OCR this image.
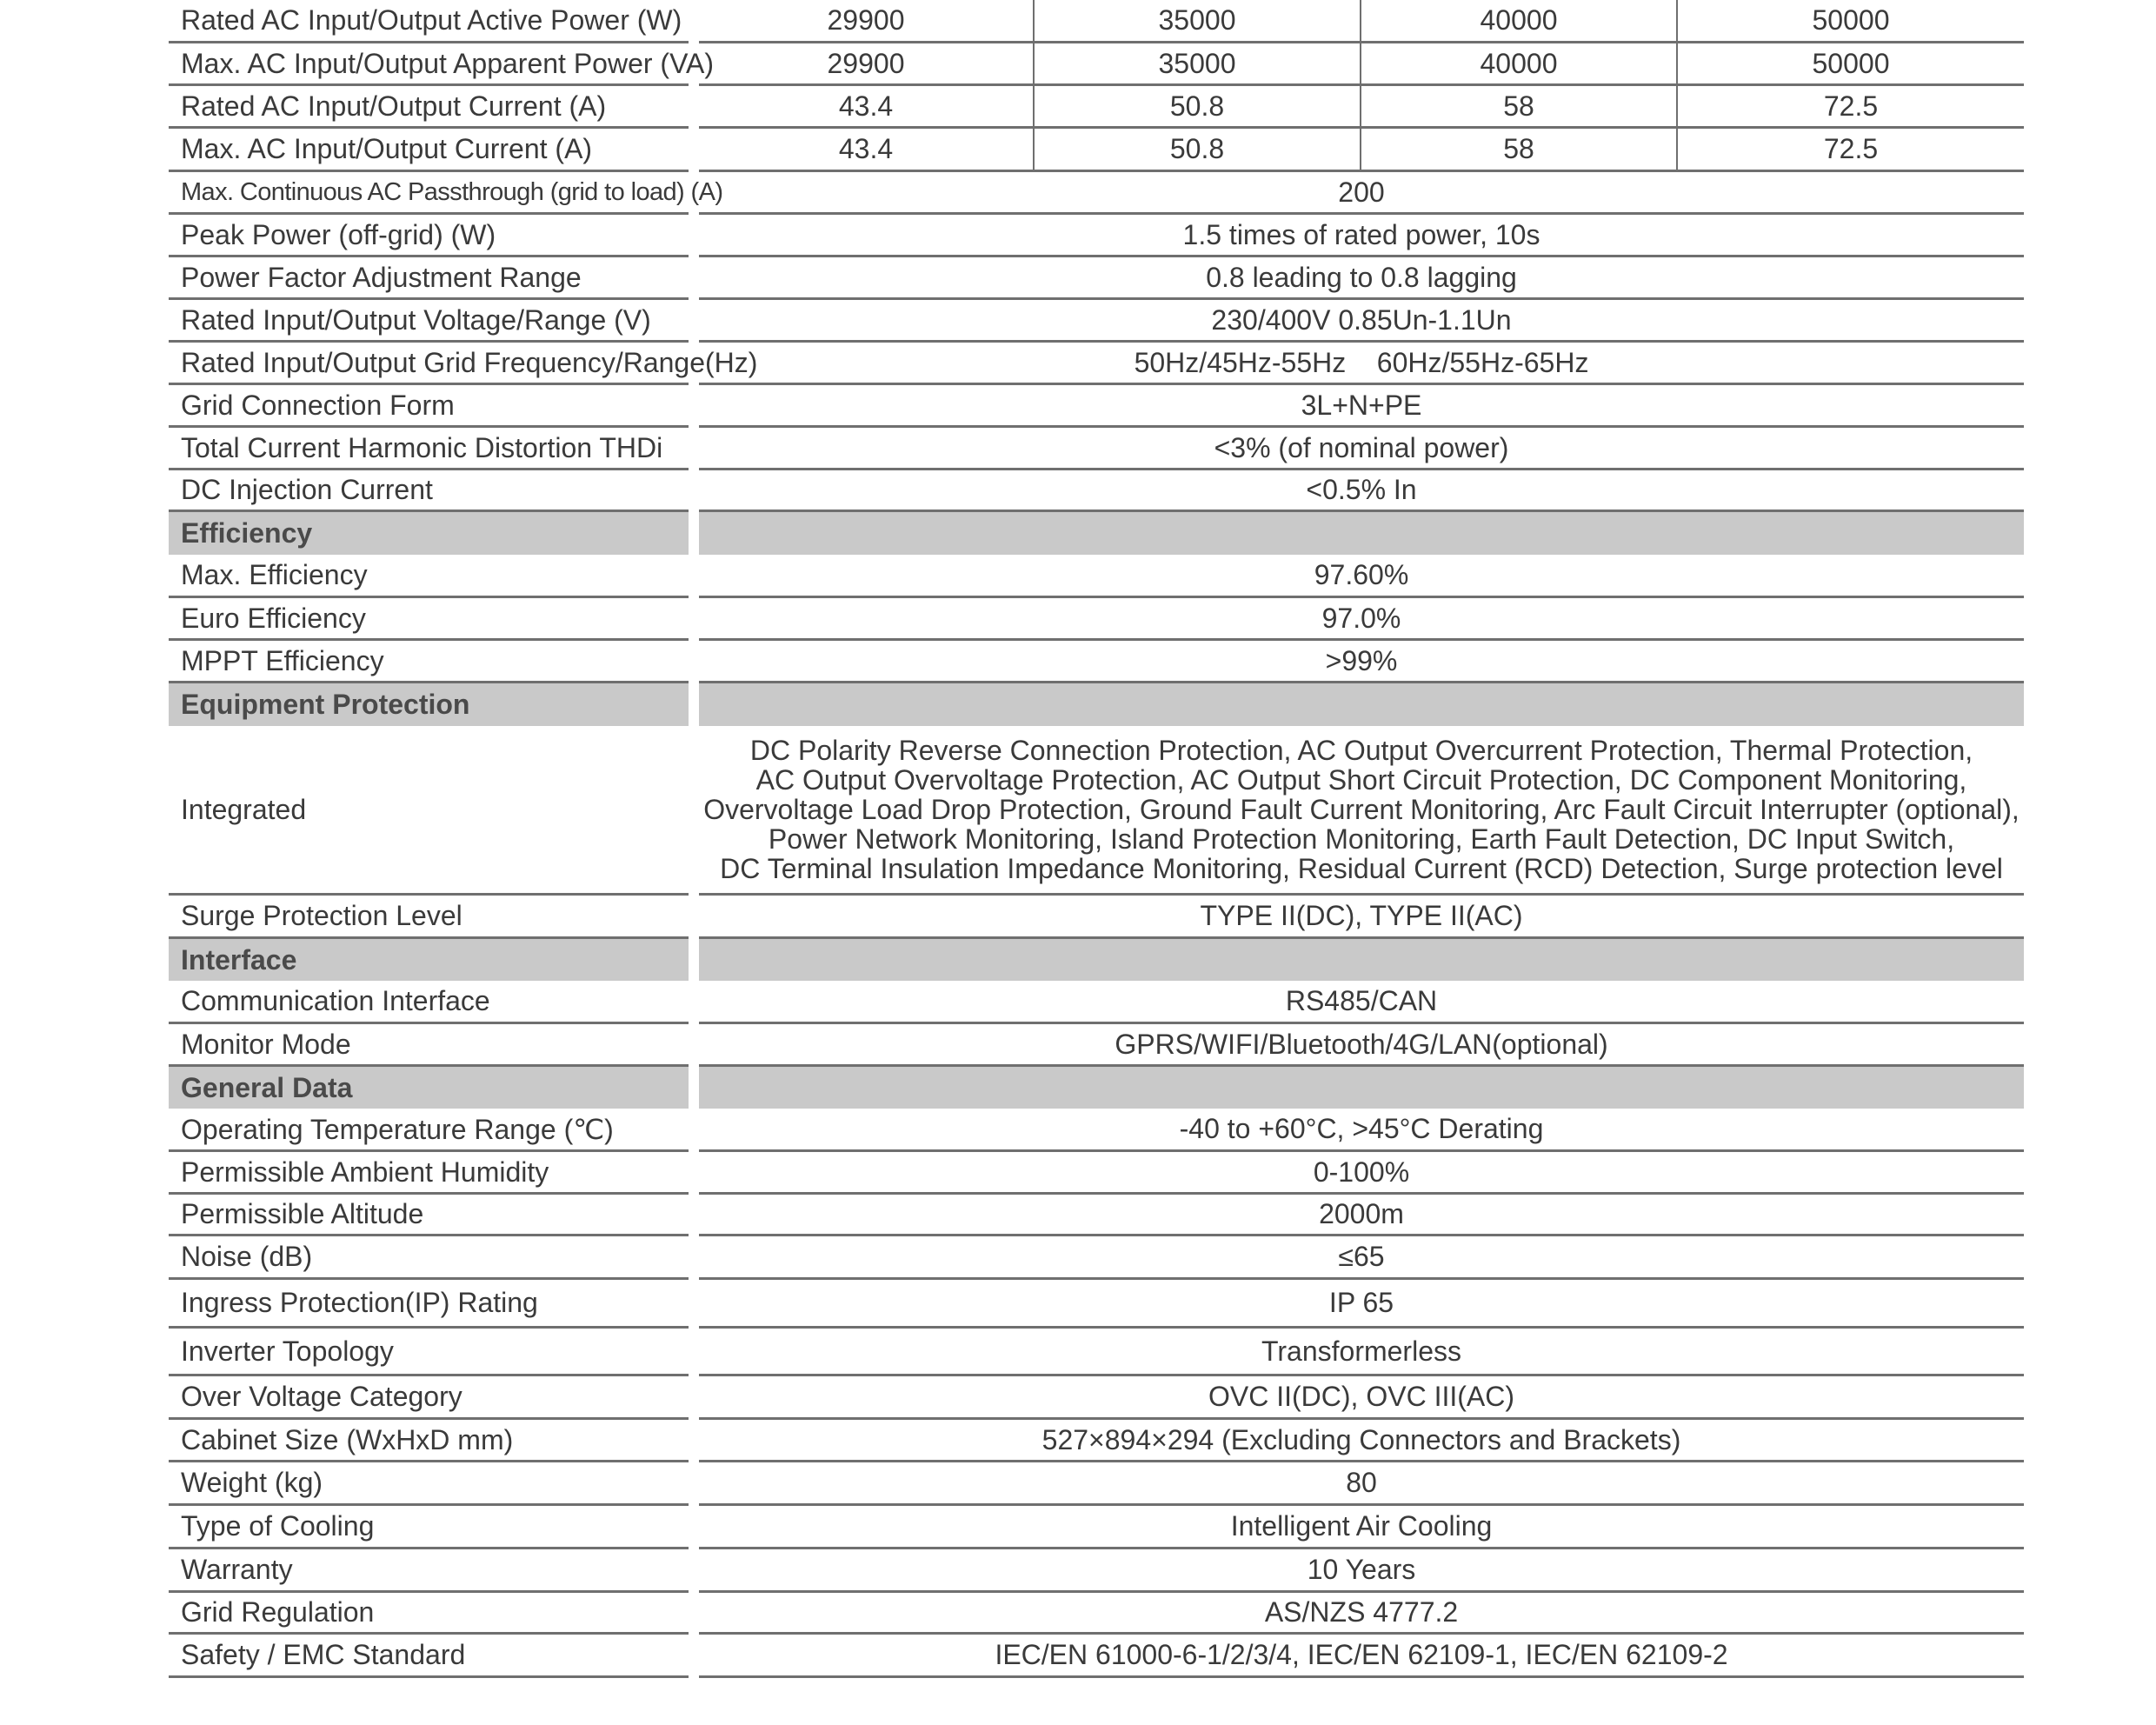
Rated AC Input/Output Active Power (W)	29900	35000	40000	50000
Max. AC Input/Output Apparent Power (VA)	29900	35000	40000	50000
Rated AC Input/Output Current (A)	43.4	50.8	58	72.5
Max. AC Input/Output Current (A)	43.4	50.8	58	72.5
Max. Continuous AC Passthrough (grid to load) (A)	200
Peak Power (off-grid) (W)	1.5 times of rated power, 10s
Power Factor Adjustment Range	0.8 leading to 0.8 lagging
Rated Input/Output Voltage/Range (V)	230/400V 0.85Un-1.1Un
Rated Input/Output Grid Frequency/Range(Hz)	50Hz/45Hz-55Hz    60Hz/55Hz-65Hz
Grid Connection Form	3L+N+PE
Total Current Harmonic Distortion THDi	<3% (of nominal power)
DC Injection Current	<0.5% In
Efficiency
Max. Efficiency	97.60%
Euro Efficiency	97.0%
MPPT Efficiency	>99%
Equipment Protection
Integrated
DC Polarity Reverse Connection Protection, AC Output Overcurrent Protection, Thermal Protection,
AC Output Overvoltage Protection, AC Output Short Circuit Protection, DC Component Monitoring,
Overvoltage Load Drop Protection, Ground Fault Current Monitoring, Arc Fault Circuit Interrupter (optional),
Power Network Monitoring, Island Protection Monitoring, Earth Fault Detection, DC Input Switch,
DC Terminal Insulation Impedance Monitoring, Residual Current (RCD) Detection, Surge protection level
Surge Protection Level	TYPE II(DC), TYPE II(AC)
Interface
Communication Interface	RS485/CAN
Monitor Mode	GPRS/WIFI/Bluetooth/4G/LAN(optional)
General Data
Operating Temperature Range (℃)	-40 to +60°C, >45°C Derating
Permissible Ambient Humidity	0-100%
Permissible Altitude	2000m
Noise (dB)	≤65
Ingress Protection(IP) Rating	IP 65
Inverter Topology	Transformerless
Over Voltage Category	OVC II(DC), OVC III(AC)
Cabinet Size (WxHxD mm)	527×894×294 (Excluding Connectors and Brackets)
Weight (kg)	80
Type of Cooling	Intelligent Air Cooling
Warranty	10 Years
Grid Regulation	AS/NZS 4777.2
Safety / EMC Standard	IEC/EN 61000-6-1/2/3/4, IEC/EN 62109-1, IEC/EN 62109-2
